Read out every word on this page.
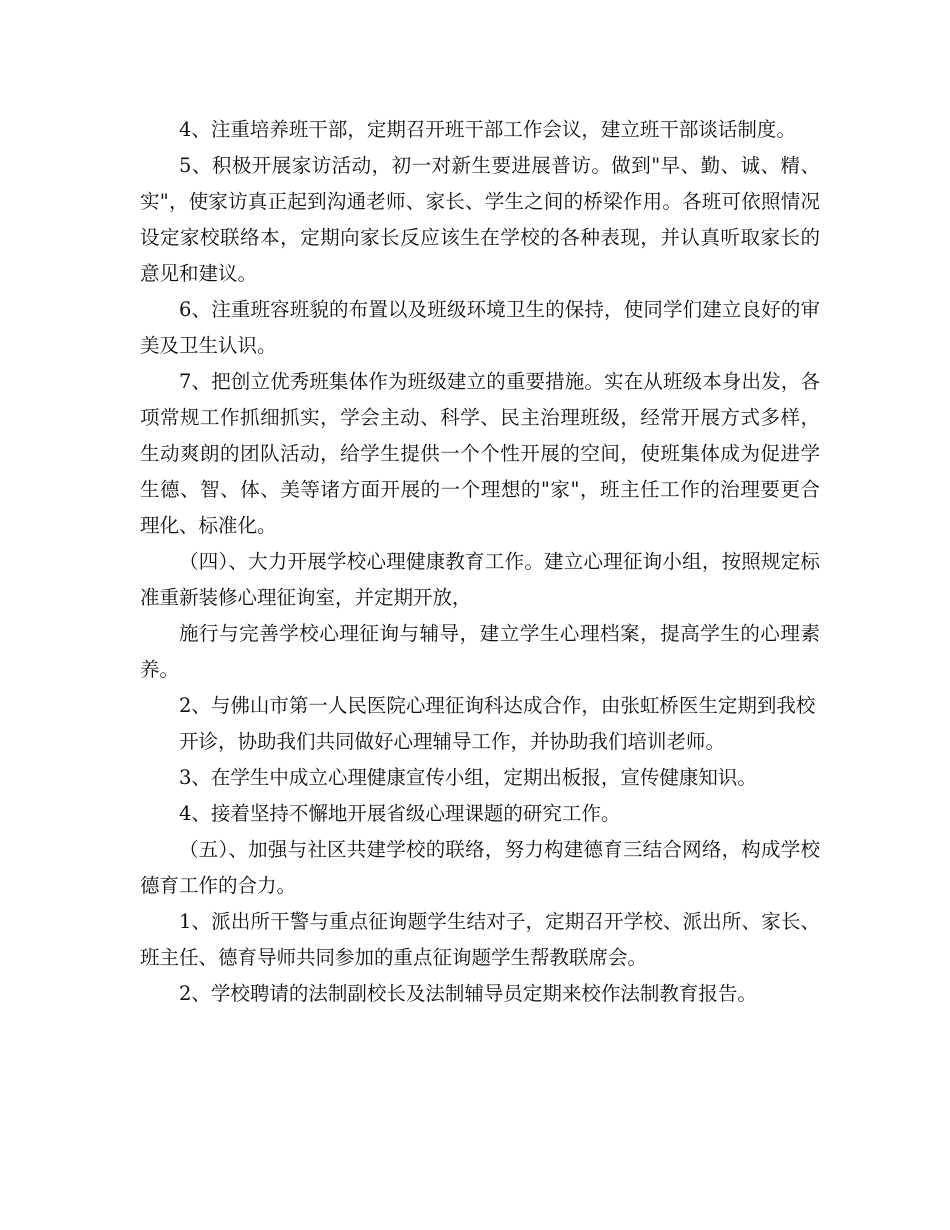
4、注重培养班干部，定期召开班干部工作会议，建立班干部谈话制度。

5、积极开展家访活动，初一对新生要进展普访。做到"早、勤、诚、精、实"，使家访真正起到沟通老师、家长、学生之间的桥梁作用。各班可依照情况设定家校联络本，定期向家长反应该生在学校的各种表现，并认真听取家长的意见和建议。

6、注重班容班貌的布置以及班级环境卫生的保持，使同学们建立良好的审美及卫生认识。

7、把创立优秀班集体作为班级建立的重要措施。实在从班级本身出发，各项常规工作抓细抓实，学会主动、科学、民主治理班级，经常开展方式多样，生动爽朗的团队活动，给学生提供一个个性开展的空间，使班集体成为促进学生德、智、体、美等诸方面开展的一个理想的"家"，班主任工作的治理要更合理化、标准化。

（四）、大力开展学校心理健康教育工作。建立心理征询小组，按照规定标准重新装修心理征询室，并定期开放，

施行与完善学校心理征询与辅导，建立学生心理档案，提高学生的心理素养。

2、与佛山市第一人民医院心理征询科达成合作，由张虹桥医生定期到我校

开诊，协助我们共同做好心理辅导工作，并协助我们培训老师。

3、在学生中成立心理健康宣传小组，定期出板报，宣传健康知识。

4、接着坚持不懈地开展省级心理课题的研究工作。

（五）、加强与社区共建学校的联络，努力构建德育三结合网络，构成学校德育工作的合力。

1、派出所干警与重点征询题学生结对子，定期召开学校、派出所、家长、班主任、德育导师共同参加的重点征询题学生帮教联席会。

2、学校聘请的法制副校长及法制辅导员定期来校作法制教育报告。
